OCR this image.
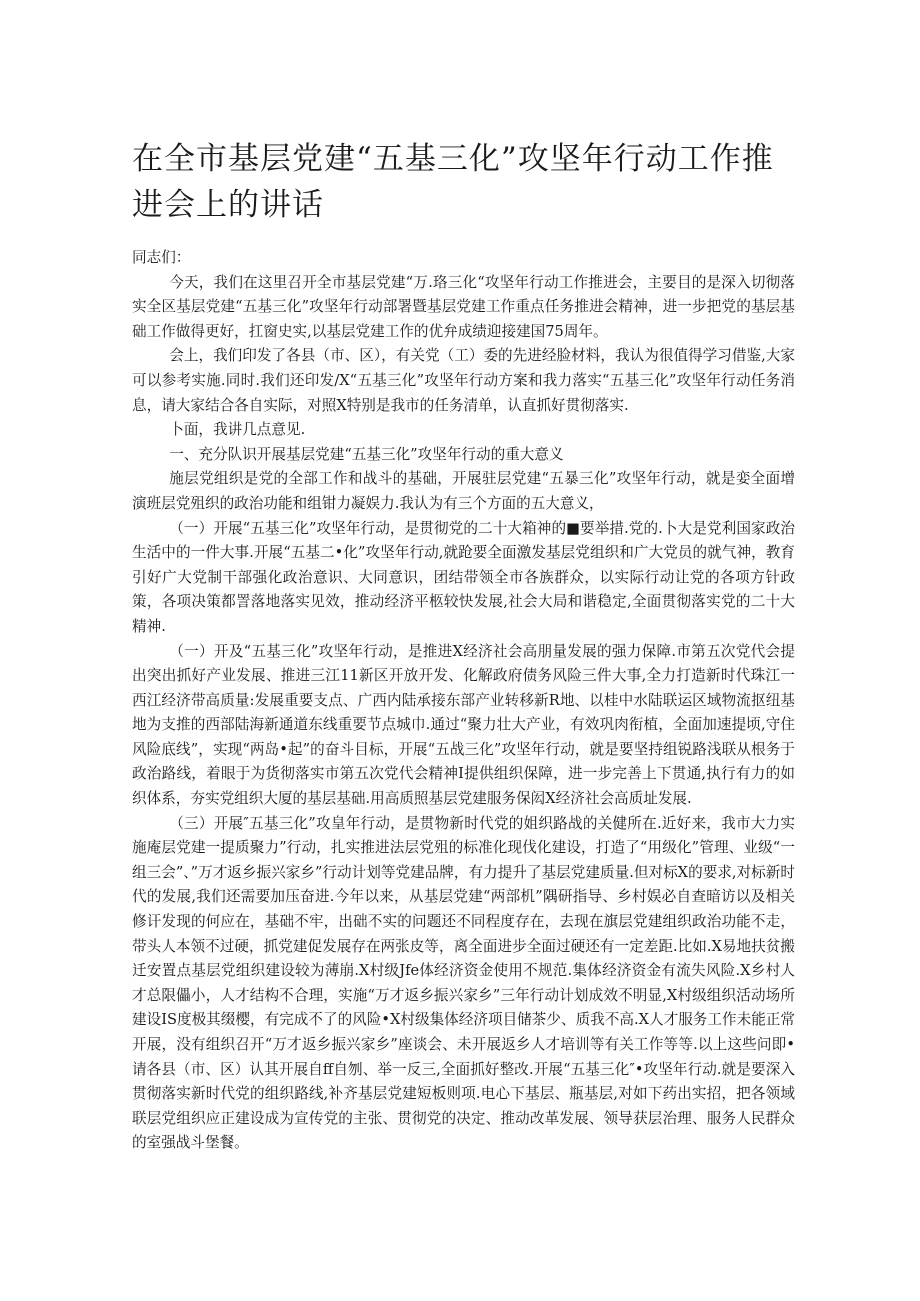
在全市基层党建“五基三化”攻坚年行动工作推进会上的讲话

同志们：

今天，我们在这里召开全市基层党建“万.珞三化“攻坚年行动工作推进会，主要目的是深入切彻落实全区基层党建“五基三化”攻坚年行动部署暨基层党建工作重点任务推进会精神，进一步把党的基层基础工作做得更好，扛窗史实,以基层党建工作的优弁成绩迎接建国75周年。

会上，我们印发了各县（市、区），有关党（工）委的先进经脸材料，我认为很值得学习借鉴,大家可以参考实施.同时.我们还印发/X“五基三化”攻坚年行动方案和我力落实“五基三化”攻坚年行动任务消息，请大家结合各自实际，对照X特别是我市的任务清单，认直抓好贯彻落实.

卜面，我讲几点意见.

一、充分队识开展基层党建“五基三化”攻坚年行动的重大意义

施层党组织是党的全部工作和战斗的基础，开展驻层党建“五暴三化”攻坚年行动，就是娈全面增演班层党殂织的政治功能和组钳力凝娱力.我认为有三个方面的五大意义，

（一）开展“五基三化”攻坚年行动，是贯彻党的二十大箱神的■要举措.党的.卜大是党利国家政治生活中的一件大事.开展“五基二•化”攻坚年行动,就跄要全面激发基层党组织和广大党员的就气神，教育引好广大党制干部强化政治意识、大同意识，团结带领全市各族群众，以实际行动让党的各项方针政策，各项决策都詈落地落实见效，推动经济平柩较快发展,社会大局和谐稳定,全面贯彻落实党的二十大精神.

（一）开及“五基三化”攻坚年行动，是推进X经济社会高朋量发展的强力保障.市第五次党代会提出突出抓好产业发展、推进三江11新区开放开发、化解政府债务风险三件大事,全力打造新时代珠江一西江经济带高质量:发展重要支点、广西内陆承接东部产业转移新R地、以桂中水陆联运区域物流抠纽基地为支推的西部陆海新通道东线重要节点城巾.通过“聚力壮大产业，有效巩肉衔植，全面加速提顷,守住风险底线”，实现“两岛•起”的奋斗目标，开展“五战三化”攻坚年行动，就是要坚持组锐路浅联从根务于政治路线，着眼于为货彻落实市第五次党代会精神I提供组织保障，进一步完善上下贯通,执行有力的如织体系，夯实党组织大厦的基层基础.用高质照基层党建服务保闳X经济社会高质址发展.

（三）开展″五基三化”攻皇年行动，是贯物新时代党的姐织路战的关健所在.近好来，我市大力实施庵层党建一提质聚力”行动，扎实推进法层党殂的标准化现伐化建设，打造了“用级化”管理、业级“一组三会”、”万才返乡振兴家乡”行动计划等党建品牌，有力提升了基层党建质量.但对标X的要求,对标新时代的发展,我们还需要加压奋进.今年以来，从基层党建“两部机”隅研指导、乡村娱必自查暗访以及相关修讦发现的何应在，基础不牢，出础不实的问题还不同程度存在，去现在旗层党建组织政治功能不走，带头人本领不过硬，抓党建促发展存在两张皮等，离全面进步全面过硬还有一定差距.比如.X易地扶贫搬迁安置点基层党组织建设较为薄崩.X村级Jfe体经济资金使用不规范.集体经济资金有流失风险.X乡村人才总限儡小，人才结构不合理，实施“万才返乡振兴家乡”三年行动计划成效不明显,X村级组织活动场所建设IS度极其缀樱，有完成不了的风险•X村级集体经济项目储茶少、质我不高.X人才服务工作未能正常开展，没有组织召开“万才返乡振兴家乡”座谈会、未开展返乡人才培训等有关工作等等.以上这些问即•请各县（市、区）认其开展自ff自刎、举一反三,全面抓好整改.开展“五基三化″•攻坚年行动.就是要深入贯彻落实新时代党的组织路线,补齐基层党建短板则项.电心下基层、瓶基层,对如下药出实招，把各领域联层党组织应正建设成为宣传党的主张、贯彻党的决定、推动改革发展、领导获层治理、服务人民群众的室强战斗堡餐。
